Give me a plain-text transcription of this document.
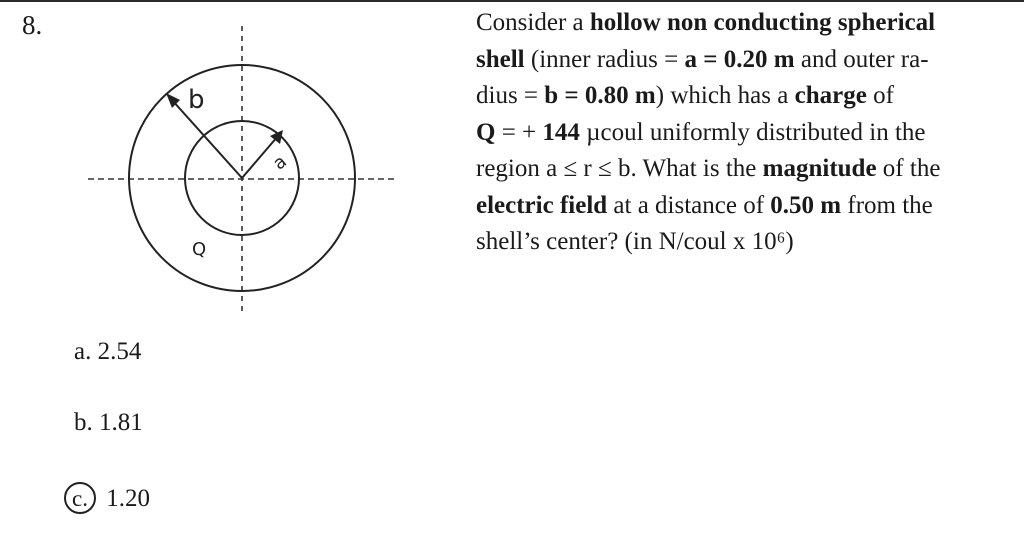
8.
b
a
Q
Consider a hollow non conducting spherical
shell (inner radius = a = 0.20 m and outer ra-
dius = b = 0.80 m) which has a charge of
Q = + 144 µcoul uniformly distributed in the
region a ≤ r ≤ b. What is the magnitude of the
electric field at a distance of 0.50 m from the
shell’s center? (in N/coul x 10⁶)
a. 2.54
b. 1.81
c. 1.20
